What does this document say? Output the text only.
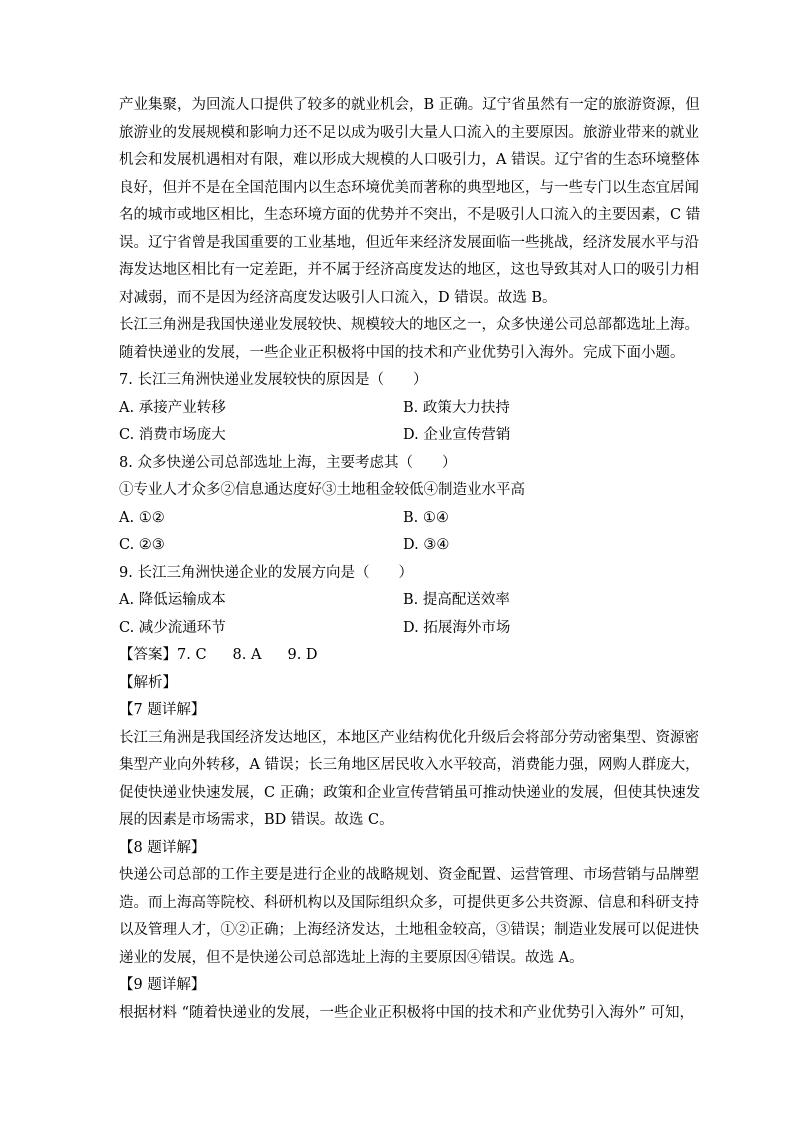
产业集聚，为回流人口提供了较多的就业机会，B 正确。辽宁省虽然有一定的旅游资源，但
旅游业的发展规模和影响力还不足以成为吸引大量人口流入的主要原因。旅游业带来的就业
机会和发展机遇相对有限，难以形成大规模的人口吸引力，A 错误。辽宁省的生态环境整体
良好，但并不是在全国范围内以生态环境优美而著称的典型地区，与一些专门以生态宜居闻
名的城市或地区相比，生态环境方面的优势并不突出，不是吸引人口流入的主要因素，C 错
误。辽宁省曾是我国重要的工业基地，但近年来经济发展面临一些挑战，经济发展水平与沿
海发达地区相比有一定差距，并不属于经济高度发达的地区，这也导致其对人口的吸引力相
对减弱，而不是因为经济高度发达吸引人口流入，D 错误。故选 B。
长江三角洲是我国快递业发展较快、规模较大的地区之一，众多快递公司总部都选址上海。
随着快递业的发展，一些企业正积极将中国的技术和产业优势引入海外。完成下面小题。
7. 长江三角洲快递业发展较快的原因是（　　）
A. 承接产业转移	B. 政策大力扶持
C. 消费市场庞大	D. 企业宣传营销
8. 众多快递公司总部选址上海，主要考虑其（　　）
①专业人才众多②信息通达度好③土地租金较低④制造业水平高
A. ①②	B. ①④
C. ②③	D. ③④
9. 长江三角洲快递企业的发展方向是（　　）
A. 降低运输成本	B. 提高配送效率
C. 减少流通环节	D. 拓展海外市场
【答案】7. C 8. A 9. D
【解析】
【7 题详解】
长江三角洲是我国经济发达地区，本地区产业结构优化升级后会将部分劳动密集型、资源密
集型产业向外转移，A 错误；长三角地区居民收入水平较高，消费能力强，网购人群庞大，
促使快递业快速发展，C 正确；政策和企业宣传营销虽可推动快递业的发展，但使其快速发
展的因素是市场需求，BD 错误。故选 C。
【8 题详解】
快递公司总部的工作主要是进行企业的战略规划、资金配置、运营管理、市场营销与品牌塑
造。而上海高等院校、科研机构以及国际组织众多，可提供更多公共资源、信息和科研支持
以及管理人才，①②正确；上海经济发达，土地租金较高，③错误；制造业发展可以促进快
递业的发展，但不是快递公司总部选址上海的主要原因④错误。故选 A。
【9 题详解】
根据材料 “随着快递业的发展，一些企业正积极将中国的技术和产业优势引入海外” 可知，
